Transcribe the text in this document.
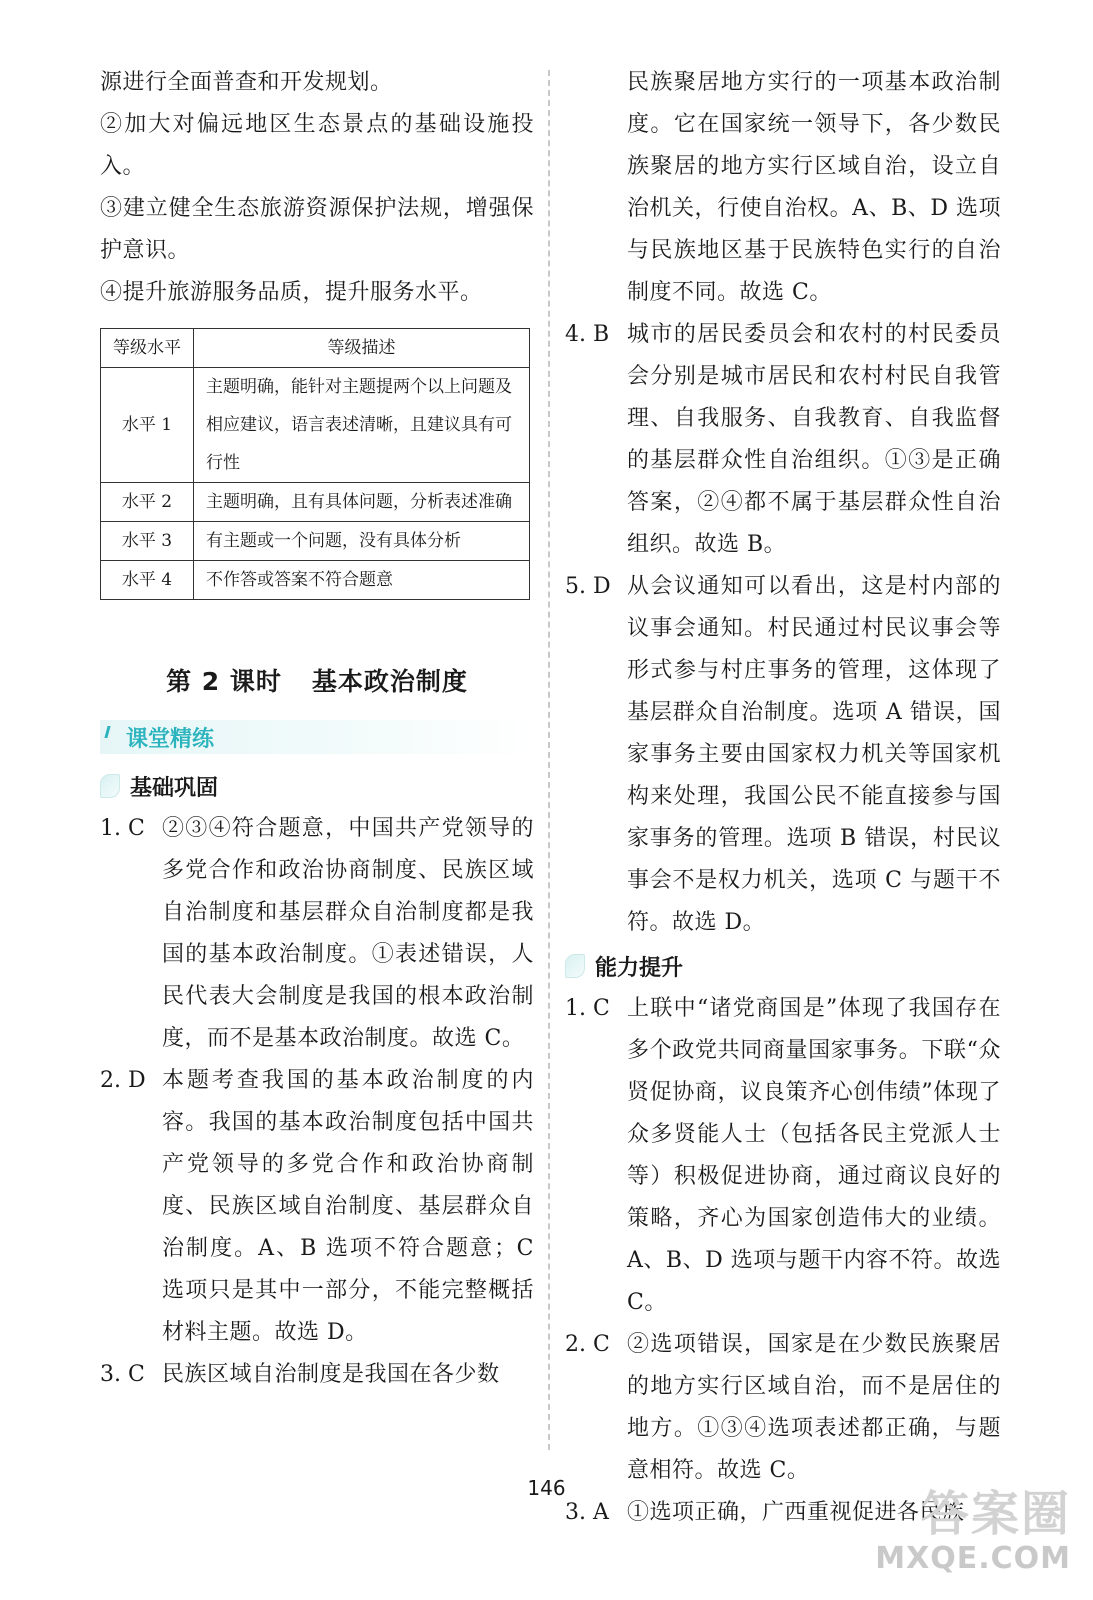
源进行全面普查和开发规划。

②加大对偏远地区生态景点的基础设施投入。

③建立健全生态旅游资源保护法规，增强保护意识。

④提升旅游服务品质，提升服务水平。

等级水平	等级描述
水平 1	主题明确，能针对主题提两个以上问题及相应建议，语言表述清晰，且建议具有可行性
水平 2	主题明确，且有具体问题，分析表述准确
水平 3	有主题或一个问题，没有具体分析
水平 4	不作答或答案不符合题意
第 2 课时 基本政治制度
课堂精练
基础巩固
1. C ②③④符合题意，中国共产党领导的多党合作和政治协商制度、民族区域自治制度和基层群众自治制度都是我国的基本政治制度。①表述错误，人民代表大会制度是我国的根本政治制度，而不是基本政治制度。故选 C。

2. D 本题考查我国的基本政治制度的内容。我国的基本政治制度包括中国共产党领导的多党合作和政治协商制度、民族区域自治制度、基层群众自治制度。A、B 选项不符合题意；C 选项只是其中一部分，不能完整概括材料主题。故选 D。

3. C 民族区域自治制度是我国在各少数

民族聚居地方实行的一项基本政治制度。它在国家统一领导下，各少数民族聚居的地方实行区域自治，设立自治机关，行使自治权。A、B、D 选项与民族地区基于民族特色实行的自治制度不同。故选 C。

4. B 城市的居民委员会和农村的村民委员会分别是城市居民和农村村民自我管理、自我服务、自我教育、自我监督的基层群众性自治组织。①③是正确答案，②④都不属于基层群众性自治组织。故选 B。

5. D 从会议通知可以看出，这是村内部的议事会通知。村民通过村民议事会等形式参与村庄事务的管理，这体现了基层群众自治制度。选项 A 错误，国家事务主要由国家权力机关等国家机构来处理，我国公民不能直接参与国家事务的管理。选项 B 错误，村民议事会不是权力机关，选项 C 与题干不符。故选 D。

能力提升
1. C 上联中“诸党商国是”体现了我国存在多个政党共同商量国家事务。下联“众贤促协商，议良策齐心创伟绩”体现了众多贤能人士（包括各民主党派人士等）积极促进协商，通过商议良好的策略，齐心为国家创造伟大的业绩。A、B、D 选项与题干内容不符。故选 C。

2. C ②选项错误，国家是在少数民族聚居的地方实行区域自治，而不是居住的地方。①③④选项表述都正确，与题意相符。故选 C。

3. A ①选项正确，广西重视促进各民族

146	答案圈
MXQE.COM
